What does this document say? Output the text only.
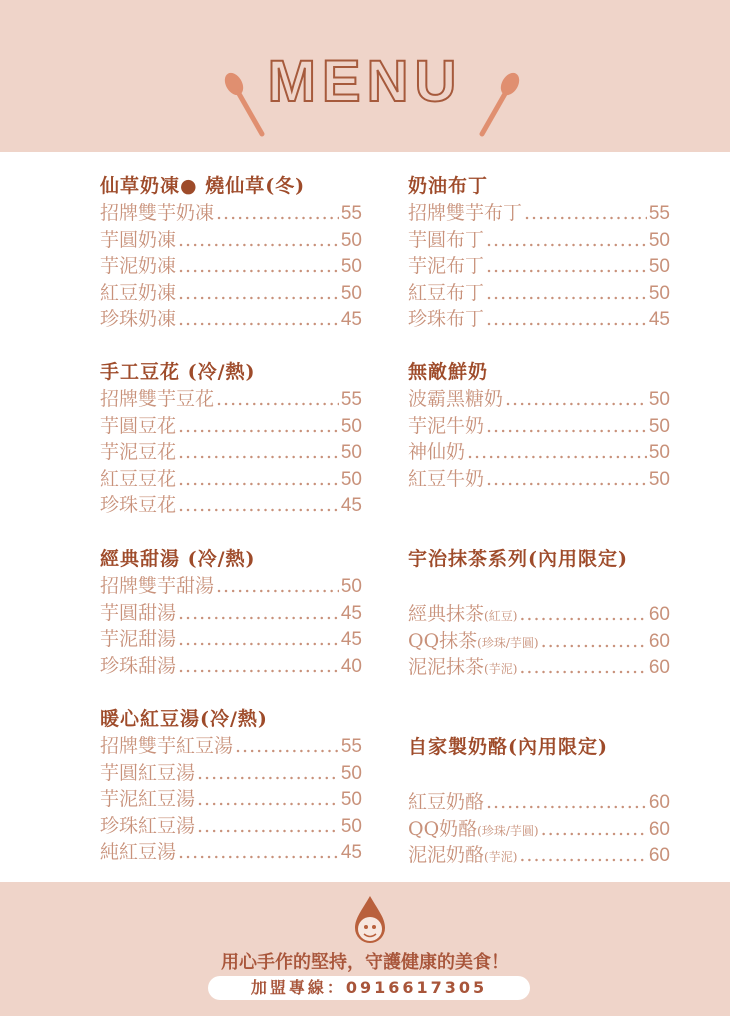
MENU
仙草奶凍● 燒仙草(冬)
招牌雙芋奶凍 .....	55
芋圓奶凍 .....	50
芋泥奶凍 .....	50
紅豆奶凍 .....	50
珍珠奶凍 .....	45
手工豆花 (冷/熱)
招牌雙芋豆花 .....	55
芋圓豆花 .....	50
芋泥豆花 .....	50
紅豆豆花 .....	50
珍珠豆花 .....	45
經典甜湯 (冷/熱)
招牌雙芋甜湯 .....	50
芋圓甜湯 .....	45
芋泥甜湯 .....	45
珍珠甜湯 .....	40
暖心紅豆湯(冷/熱)
招牌雙芋紅豆湯 .....	55
芋圓紅豆湯 .....	50
芋泥紅豆湯 .....	50
珍珠紅豆湯 .....	50
純紅豆湯 .....	45
奶油布丁
招牌雙芋布丁 .....	55
芋圓布丁 .....	50
芋泥布丁 .....	50
紅豆布丁 .....	50
珍珠布丁 .....	45
無敵鮮奶
波霸黑糖奶 .....	50
芋泥牛奶 .....	50
神仙奶 .....	50
紅豆牛奶 .....	50
宇治抹茶系列(內用限定)
經典抹茶 (紅豆) .....	60
QQ抹茶 (珍珠/芋圓) .....	60
泥泥抹茶 (芋泥) .....	60
自家製奶酪(內用限定)
紅豆奶酪 .....	60
QQ奶酪 (珍珠/芋圓) .....	60
泥泥奶酪 (芋泥) .....	60
用心手作的堅持，守護健康的美食！
加盟專線：0916617305
